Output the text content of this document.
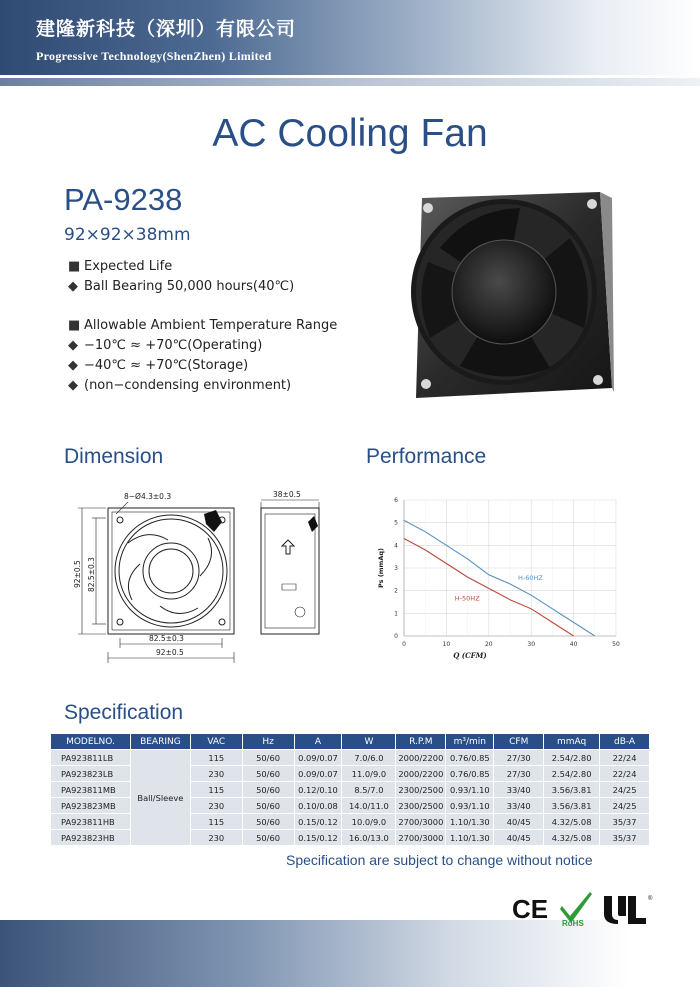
建隆新科技（深圳）有限公司
Progressive Technology(ShenZhen) Limited
AC Cooling Fan
PA-9238
92×92×38mm
■ Expected Life
◆ Ball Bearing 50,000 hours(40℃)
■ Allowable Ambient Temperature Range
◆ −10℃ ≈ +70℃(Operating)
◆ −40℃ ≈ +70℃(Storage)
◆ (non−condensing environment)
Dimension	Performance
8−Ø4.3±0.3	38±0.5
82.5±0.3
92±0.5
92±0.5 82.5±0.3
0	10	20	30	40	50
0
1
2
3
4
5
6
Q (CFM)
Ps (mmAq)	H-60HZ
H-50HZ
Specification
MODELNO.	BEARING	VAC	Hz	A	W	R.P.M	m³/min	CFM	mmAq	dB-A
PA923811LB	Ball/Sleeve	115	50/60	0.09/0.07	7.0/6.0	2000/2200	0.76/0.85	27/30	2.54/2.80	22/24
PA923823LB		230	50/60	0.09/0.07	11.0/9.0	2000/2200	0.76/0.85	27/30	2.54/2.80	22/24
PA923811MB		115	50/60	0.12/0.10	8.5/7.0	2300/2500	0.93/1.10	33/40	3.56/3.81	24/25
PA923823MB		230	50/60	0.10/0.08	14.0/11.0	2300/2500	0.93/1.10	33/40	3.56/3.81	24/25
PA923811HB		115	50/60	0.15/0.12	10.0/9.0	2700/3000	1.10/1.30	40/45	4.32/5.08	35/37
PA923823HB		230	50/60	0.15/0.12	16.0/13.0	2700/3000	1.10/1.30	40/45	4.32/5.08	35/37
Specification are subject to change without notice
CE RoHS
®
